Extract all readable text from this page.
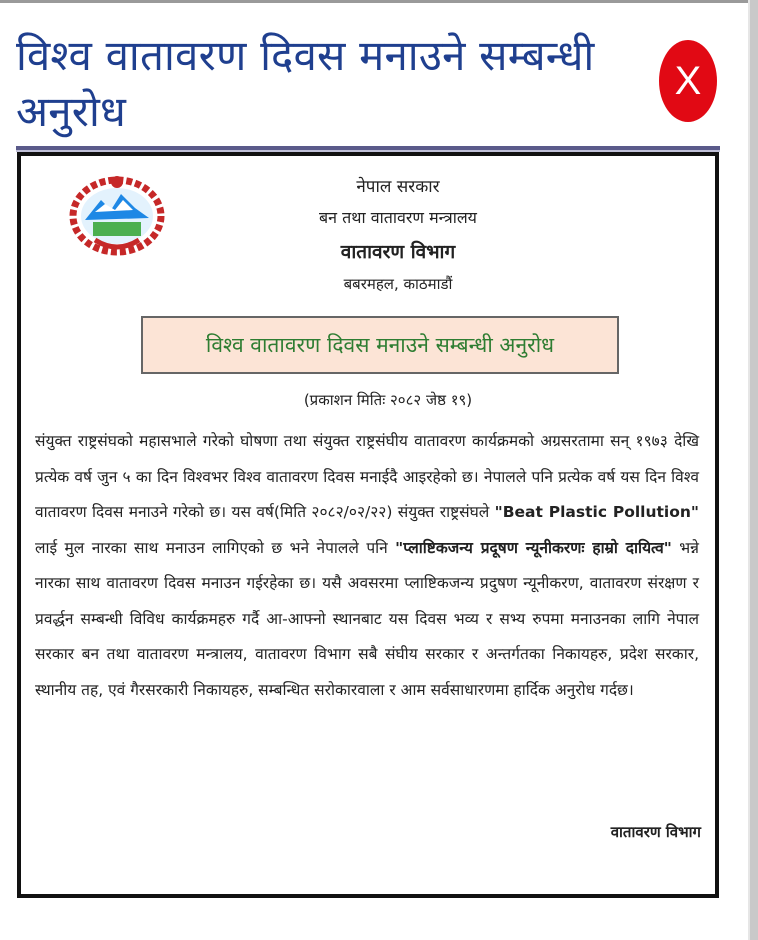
विश्व वातावरण दिवस मनाउने सम्बन्धी अनुरोध
X
नेपाल सरकार
बन तथा वातावरण मन्त्रालय
वातावरण विभाग
बबरमहल, काठमाडौं
विश्व वातावरण दिवस मनाउने सम्बन्धी अनुरोध
(प्रकाशन मितिः २०८२ जेष्ठ १९)

संयुक्त राष्ट्रसंघको महासभाले गरेको घोषणा तथा संयुक्त राष्ट्रसंघीय वातावरण कार्यक्रमको अग्रसरतामा सन् १९७३ देखि प्रत्येक वर्ष जुन ५ का दिन विश्वभर विश्व वातावरण दिवस मनाईदै आइरहेको छ। नेपालले पनि प्रत्येक वर्ष यस दिन विश्व वातावरण दिवस मनाउने गरेको छ। यस वर्ष(मिति २०८२/०२/२२) संयुक्त राष्ट्रसंघले "Beat Plastic Pollution" लाई मुल नारका साथ मनाउन लागिएको छ भने नेपालले पनि "प्लाष्टिकजन्य प्रदूषण न्यूनीकरणः हाम्रो दायित्व" भन्ने नारका साथ वातावरण दिवस मनाउन गईरहेका छ। यसै अवसरमा प्लाष्टिकजन्य प्रदुषण न्यूनीकरण, वातावरण संरक्षण र प्रवर्द्धन सम्बन्धी विविध कार्यक्रमहरु गर्दै आ-आफ्नो स्थानबाट यस दिवस भव्य र सभ्य रुपमा मनाउनका लागि नेपाल सरकार बन तथा वातावरण मन्त्रालय, वातावरण विभाग सबै संघीय सरकार र अन्तर्गतका निकायहरु, प्रदेश सरकार, स्थानीय तह, एवं गैरसरकारी निकायहरु, सम्बन्धित सरोकारवाला र आम सर्वसाधारणमा हार्दिक अनुरोध गर्दछ।

वातावरण विभाग
